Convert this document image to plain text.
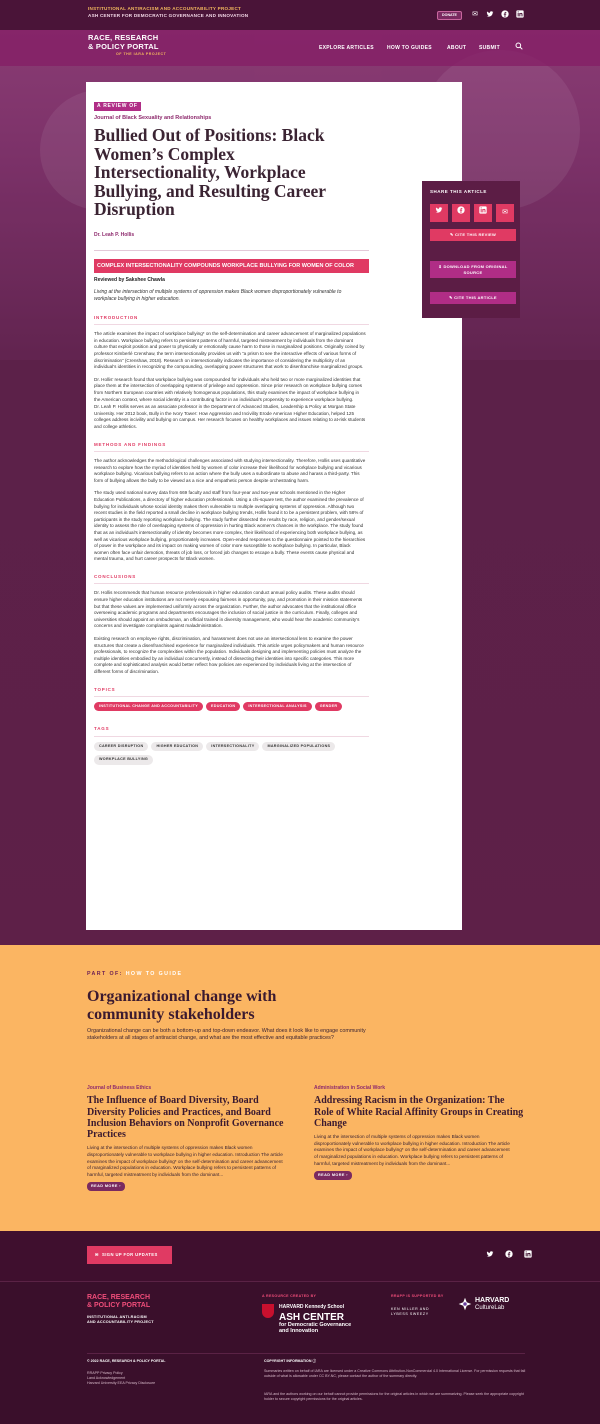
INSTITUTIONAL ANTIRACISM AND ACCOUNTABILITY PROJECT
ASH CENTER FOR DEMOCRATIC GOVERNANCE AND INNOVATION	DONATE	✉
RACE, RESEARCH
& POLICY PORTAL
OF THE IARA PROJECT
EXPLORE ARTICLES	HOW TO GUIDES	ABOUT	SUBMIT
A REVIEW OF
Journal of Black Sexuality and Relationships
Bullied Out of Positions: Black Women’s Complex Intersectionality, Workplace Bullying, and Resulting Career Disruption
Dr. Leah P. Hollis
COMPLEX INTERSECTIONALITY COMPOUNDS WORKPLACE BULLYING FOR WOMEN OF COLOR
Reviewed by Sakshee Chawla
Living at the intersection of multiple systems of oppression makes Black women disproportionately vulnerable to workplace bullying in higher education.
INTRODUCTION

The article examines the impact of workplace bullying* on the self-determination and career advancement of marginalized populations in education. Workplace bullying refers to persistent patterns of harmful, targeted mistreatment by individuals from the dominant culture that exploit position and power to physically or emotionally cause harm to those in marginalized positions. Originally coined by professor Kimberlé Crenshaw, the term intersectionality provides us with “a prism to see the interactive effects of various forms of discrimination” (Crenshaw, 2018). Research on intersectionality indicates the importance of considering the multiplicity of an individual’s identities in recognizing the compounding, overlapping power structures that work to disenfranchise marginalized groups.

Dr. Hollis’ research found that workplace bullying was compounded for individuals who held two or more marginalized identities that place them at the intersection of overlapping systems of privilege and oppression. Since prior research on workplace bullying comes from Northern European countries with relatively homogenous populations, this study examines the impact of workplace bullying in the American context, where social identity is a contributing factor in an individual’s propensity to experience workplace bullying.

Dr. Leah P. Hollis serves as an associate professor in the Department of Advanced Studies, Leadership & Policy at Morgan State University. Her 2012 book, Bully in the Ivory Tower: How Aggression and Incivility Erode American Higher Education, helped 125 colleges address incivility and bullying on campus. Her research focuses on healthy workplaces and issues relating to at-risk students and college athletics.

METHODS AND FINDINGS

The author acknowledges the methodological challenges associated with studying intersectionality. Therefore, Hollis uses quantitative research to explore how the myriad of identities held by women of color increase their likelihood for workplace bullying and vicarious workplace bullying. Vicarious bullying refers to an action where the bully uses a subordinate to abuse and harass a third-party. This form of bullying allows the bully to be viewed as a nice and empathetic person despite orchestrating harm.

The study used national survey data from 669 faculty and staff from four-year and two-year schools mentioned in the Higher Education Publications, a directory of higher education professionals. Using a chi-square test, the author examined the prevalence of bullying for individuals whose social identity makes them vulnerable to multiple overlapping systems of oppression. Although two recent studies in the field reported a small decline in workplace bullying trends, Hollis found it to be a persistent problem, with 58% of participants in the study reporting workplace bullying. The study further dissected the results by race, religion, and gender/sexual identity to assess the role of overlapping systems of oppression in hurting Black women’s chances in the workplace. The study found that as an individual’s intersectionality of identity becomes more complex, their likelihood of experiencing both workplace bullying, as well as vicarious workplace bullying, proportionately increases. Open-ended responses to the questionnaire pointed to the hierarchies of power in the workplace and its impact on making women of color more susceptible to workplace bullying. In particular, Black women often face unfair demotion, threats of job loss, or forced job changes to escape a bully. These events cause physical and mental trauma, and hurt career prospects for Black women.

CONCLUSIONS

Dr. Hollis recommends that human resource professionals in higher education conduct annual policy audits. These audits should ensure higher education institutions are not merely espousing fairness in opportunity, pay, and promotion in their mission statements but that these values are implemented uniformly across the organization. Further, the author advocates that the institutional office overseeing academic programs and departments encourages the inclusion of social justice in the curriculum. Finally, colleges and universities should appoint an ombudsman, an official trained in diversity management, who would hear the academic community’s concerns and investigate complaints against maladministration.

Existing research on employee rights, discrimination, and harassment does not use an intersectional lens to examine the power structures that create a disenfranchised experience for marginalized individuals. This article urges policymakers and human resource professionals, to recognize the complexities within the population. Individuals designing and implementing policies must analyze the multiple identities embodied by an individual concurrently, instead of dissecting their identities into specific categories. This more complete and sophisticated analysis would better reflect how policies are experienced by individuals living at the intersection of different forms of discrimination.

TOPICS
INSTITUTIONAL CHANGE AND ACCOUNTABILITY	EDUCATION	INTERSECTIONAL ANALYSIS	GENDER
TAGS
CAREER DISRUPTION	HIGHER EDUCATION	INTERSECTIONALITY	MARGINALIZED POPULATIONSWORKPLACE BULLYING
SHARE THIS ARTICLE
✉
✎ CITE THIS REVIEW
⬇ DOWNLOAD FROM ORIGINAL SOURCE
✎ CITE THIS ARTICLE
PART OF: HOW TO GUIDE
Organizational change with community stakeholders

Organizational change can be both a bottom-up and top-down endeavor. What does it look like to engage community stakeholders at all stages of antiracist change, and what are the most effective and equitable practices?

Journal of Business Ethics
The Influence of Board Diversity, Board Diversity Policies and Practices, and Board Inclusion Behaviors on Nonprofit Governance Practices

Living at the intersection of multiple systems of oppression makes Black women disproportionately vulnerable to workplace bullying in higher education. Introduction The article examines the impact of workplace bullying* on the self-determination and career advancement of marginalized populations in education. Workplace bullying refers to persistent patterns of harmful, targeted mistreatment by individuals from the dominant...

READ MORE ›
Administration in Social Work
Addressing Racism in the Organization: The Role of White Racial Affinity Groups in Creating Change

Living at the intersection of multiple systems of oppression makes Black women disproportionately vulnerable to workplace bullying in higher education. Introduction The article examines the impact of workplace bullying* on the self-determination and career advancement of marginalized populations in education. Workplace bullying refers to persistent patterns of harmful, targeted mistreatment by individuals from the dominant...

READ MORE ›
✉  SIGN UP FOR UPDATES
RACE, RESEARCH
& POLICY PORTAL
INSTITUTIONAL ANTI-RACISM
AND ACCOUNTABILITY PROJECT
A RESOURCE CREATED BY
HARVARD Kennedy School
ASH CENTER
for Democratic Governance
and Innovation
RRAPP IS SUPPORTED BY
KEN MILLER AND
LYBESS SWEEZY
HARVARD
CultureLab
© 2022 RACE, RESEARCH & POLICY PORTAL
RRAPP Privacy Policy
Land Acknowledgement
Harvard University EEA Privacy Disclosure
COPYRIGHT INFORMATION ⓘ
Summaries written on behalf of IARA are licensed under a Creative Commons Attribution-NonCommercial 4.0 International License. For permission requests that fall outside of what is allowable under CC BY-NC, please contact the author of the summary directly.
IARA and the authors working on our behalf cannot provide permissions for the original articles in which we are summarizing. Please seek the appropriate copyright holder to secure copyright permissions for the original articles.
